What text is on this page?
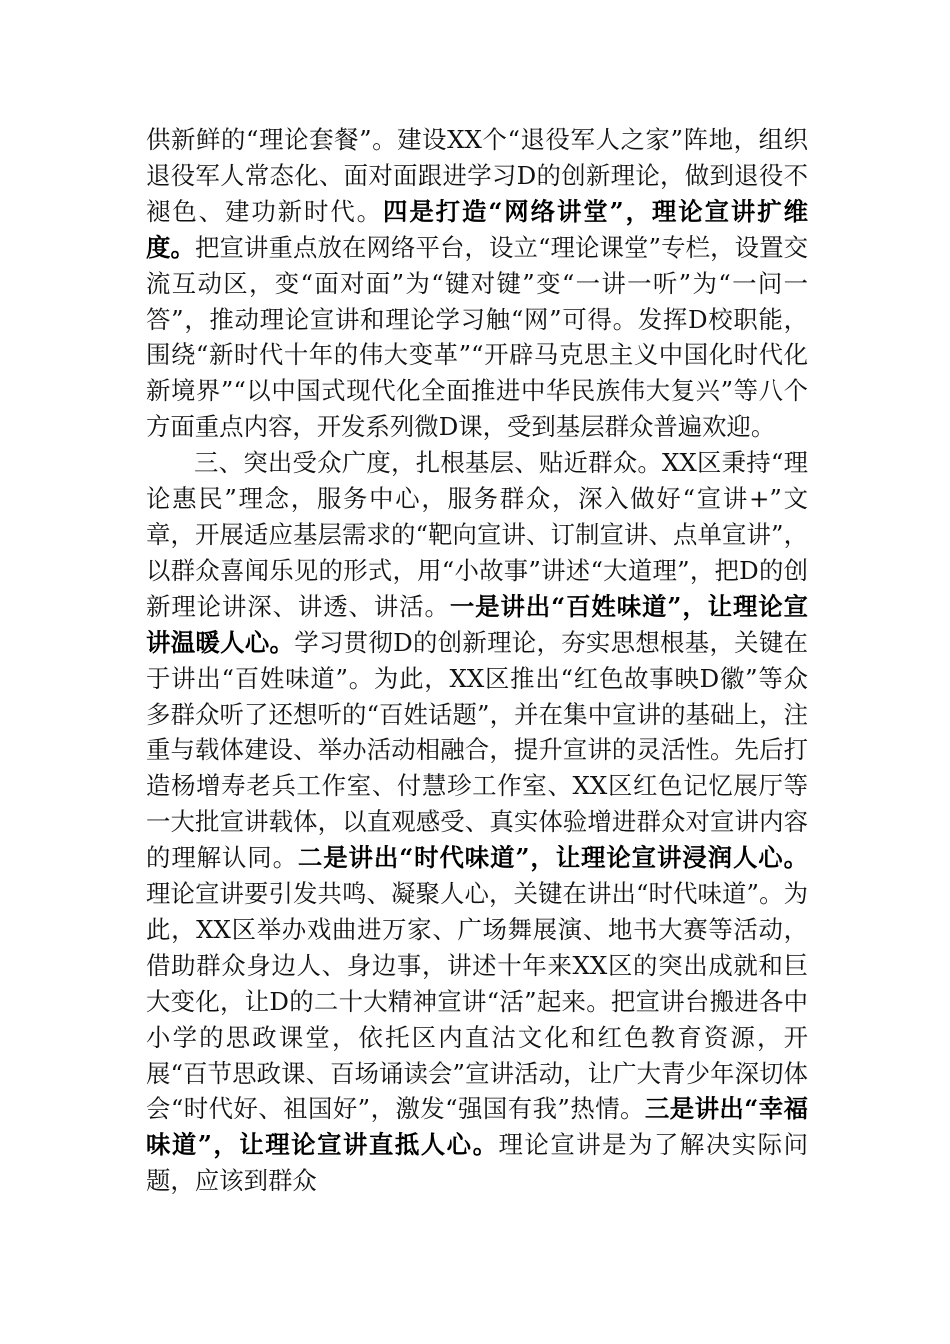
供新鲜的“理论套餐”。建设XX个“退役军人之家”阵地，组织退役军人常态化、面对面跟进学习D的创新理论，做到退役不褪色、建功新时代。四是打造“网络讲堂”，理论宣讲扩维度。把宣讲重点放在网络平台，设立“理论课堂”专栏，设置交流互动区，变“面对面”为“键对键”变“一讲一听”为“一问一答”，推动理论宣讲和理论学习触“网”可得。发挥D校职能，围绕“新时代十年的伟大变革”“开辟马克思主义中国化时代化新境界”“以中国式现代化全面推进中华民族伟大复兴”等八个方面重点内容，开发系列微D课，受到基层群众普遍欢迎。

三、突出受众广度，扎根基层、贴近群众。XX区秉持“理论惠民”理念，服务中心，服务群众，深入做好“宣讲+”文章，开展适应基层需求的“靶向宣讲、订制宣讲、点单宣讲”，以群众喜闻乐见的形式，用“小故事”讲述“大道理”，把D的创新理论讲深、讲透、讲活。一是讲出“百姓味道”，让理论宣讲温暖人心。学习贯彻D的创新理论，夯实思想根基，关键在于讲出“百姓味道”。为此，XX区推出“红色故事映D徽”等众多群众听了还想听的“百姓话题”，并在集中宣讲的基础上，注重与载体建设、举办活动相融合，提升宣讲的灵活性。先后打造杨增寿老兵工作室、付慧珍工作室、XX区红色记忆展厅等一大批宣讲载体，以直观感受、真实体验增进群众对宣讲内容的理解认同。二是讲出“时代味道”，让理论宣讲浸润人心。理论宣讲要引发共鸣、凝聚人心，关键在讲出“时代味道”。为此，XX区举办戏曲进万家、广场舞展演、地书大赛等活动，借助群众身边人、身边事，讲述十年来XX区的突出成就和巨大变化，让D的二十大精神宣讲“活”起来。把宣讲台搬进各中小学的思政课堂，依托区内直沽文化和红色教育资源，开展“百节思政课、百场诵读会”宣讲活动，让广大青少年深切体会“时代好、祖国好”，激发“强国有我”热情。三是讲出“幸福味道”，让理论宣讲直抵人心。理论宣讲是为了解决实际问题，应该到群众
